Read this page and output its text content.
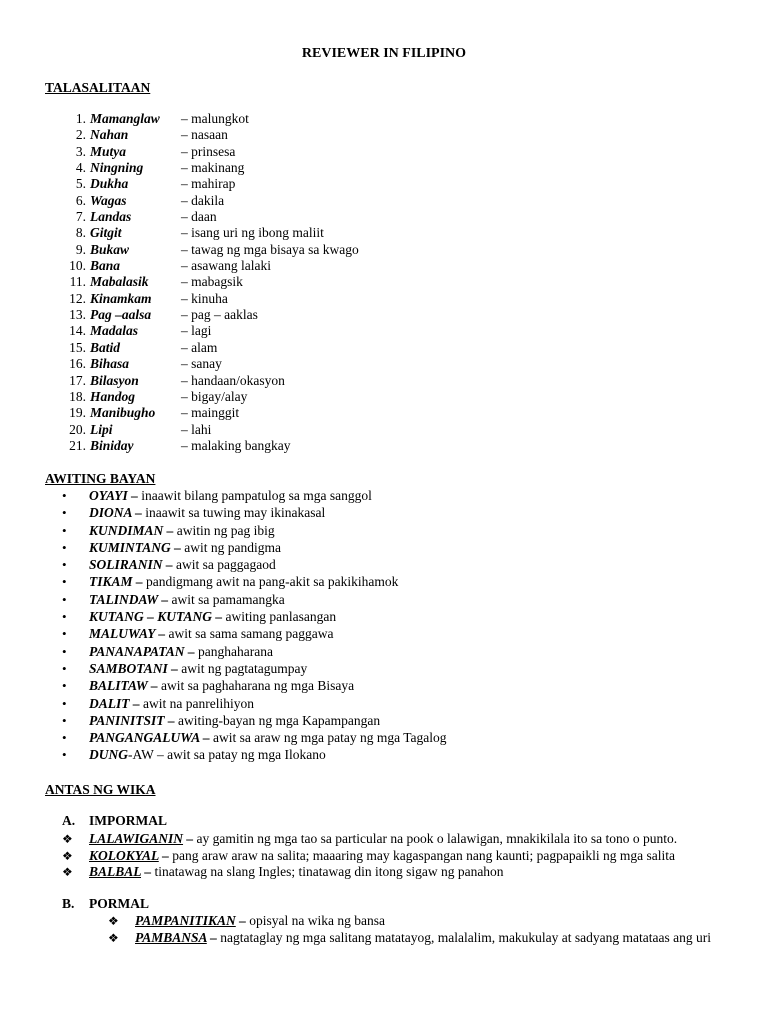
REVIEWER IN FILIPINO
TALASALITAAN
1. Mamanglaw – malungkot
2. Nahan	– nasaan
3. Mutya	– prinsesa
4. Ningning	– makinang
5. Dukha	– mahirap
6. Wagas	– dakila
7. Landas	– daan
8. Gitgit	– isang uri ng ibong maliit
9. Bukaw	– tawag ng mga bisaya sa kwago
10. Bana	– asawang lalaki
11. Mabalasik – mabagsik
12. Kinamkam – kinuha
13. Pag –aalsa – pag – aaklas
14. Madalas	– lagi
15. Batid	– alam
16. Bihasa	– sanay
17. Bilasyon	– handaan/okasyon
18. Handog	– bigay/alay
19. Manibugho – mainggit
20. Lipi	– lahi
21. Biniday	– malaking bangkay
AWITING BAYAN
• OYAYI – inaawit bilang pampatulog sa mga sanggol
• DIONA – inaawit sa tuwing may ikinakasal
• KUNDIMAN – awitin ng pag ibig
• KUMINTANG – awit ng pandigma
• SOLIRANIN – awit sa paggagaod
• TIKAM – pandigmang awit na pang-akit sa pakikihamok
• TALINDAW – awit sa pamamangka
• KUTANG – KUTANG – awiting panlasangan
• MALUWAY – awit sa sama samang paggawa
• PANANAPATAN – panghaharana
• SAMBOTANI – awit ng pagtatagumpay
• BALITAW – awit sa paghaharana ng mga Bisaya
• DALIT – awit na panrelihiyon
• PANINITSIT – awiting-bayan ng mga Kapampangan
• PANGANGALUWA – awit sa araw ng mga patay ng mga Tagalog
• DUNG-AW – awit sa patay ng mga Ilokano
ANTAS NG WIKA
A. IMPORMAL
❖ LALAWIGANIN – ay gamitin ng mga tao sa particular na pook o lalawigan, mnakikilala ito sa tono o punto.
❖ KOLOKYAL – pang araw araw na salita; maaaring may kagaspangan nang kaunti; pagpapaikli ng mga salita
❖ BALBAL – tinatawag na slang Ingles; tinatawag din itong sigaw ng panahon
B. PORMAL
❖ PAMPANITIKAN – opisyal na wika ng bansa
❖ PAMBANSA – nagtataglay ng mga salitang matatayog, malalalim, makukulay at sadyang matataas ang uri
